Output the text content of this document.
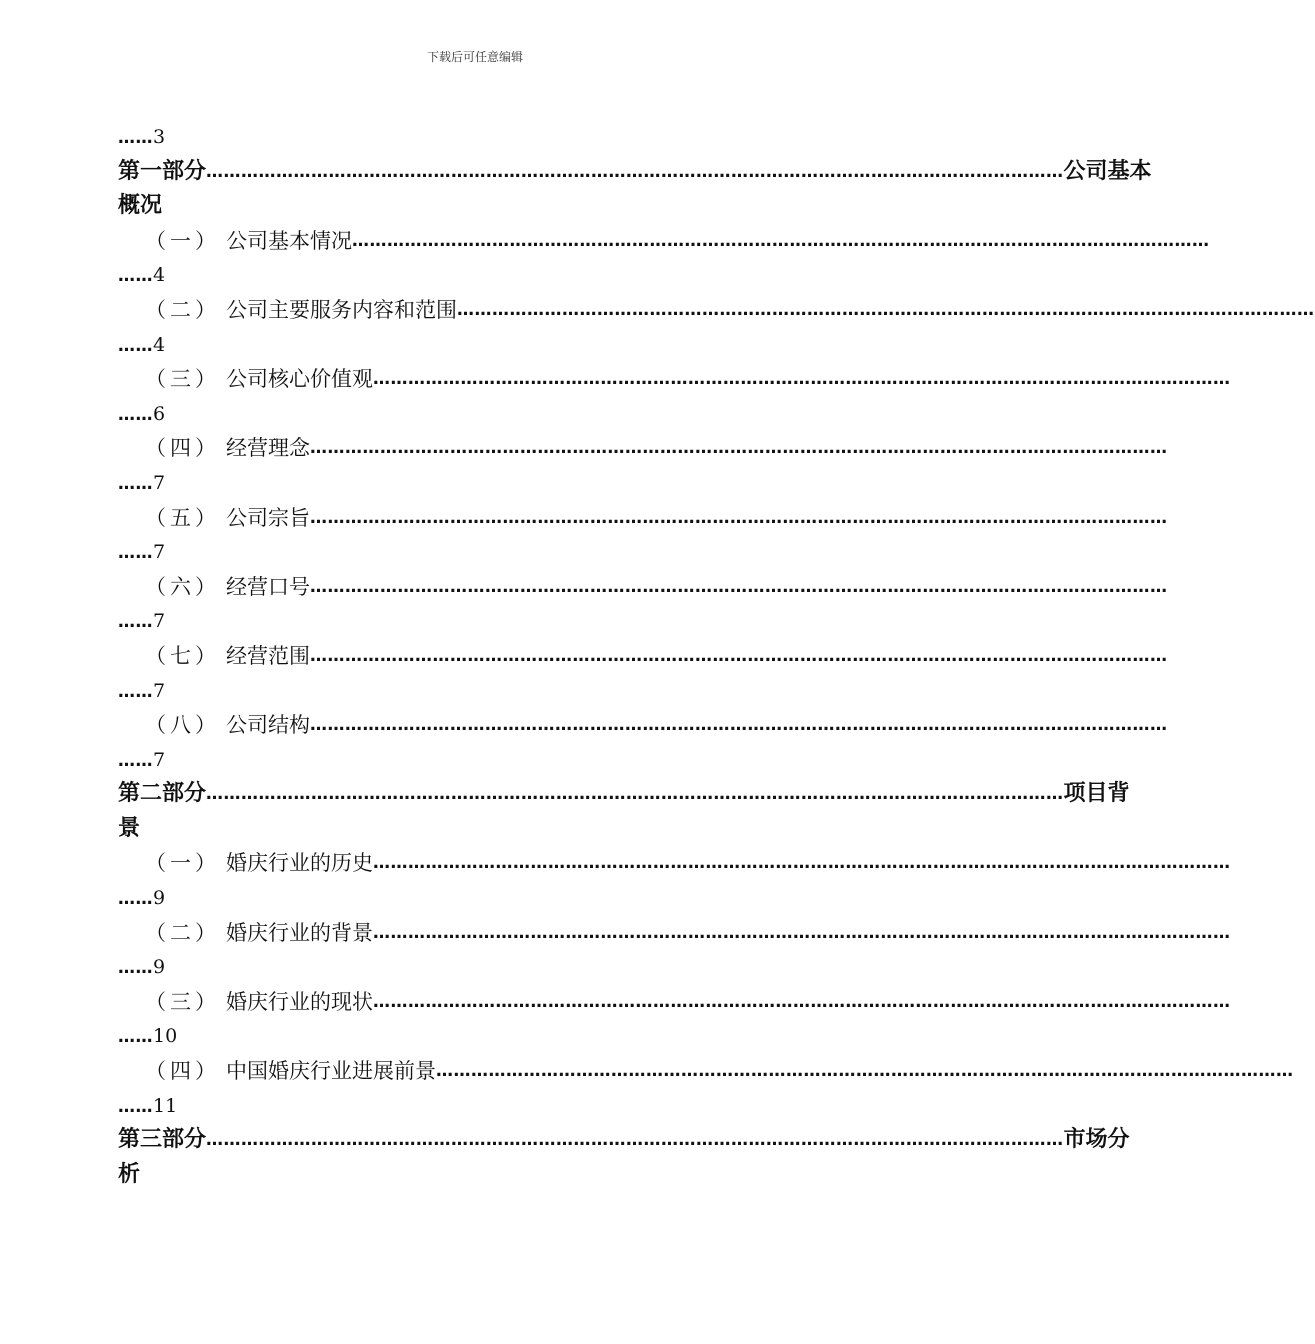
下载后可任意编辑
……3
第一部分 ………………………………………………………………………………………………………………………………… 公司基本
概况
（一） 公司基本情况 …………………………………………………………………………………………………………………………………
……4
（二） 公司主要服务内容和范围 …………………………………………………………………………………………………………………………………
……4
（三） 公司核心价值观 …………………………………………………………………………………………………………………………………
……6
（四） 经营理念 …………………………………………………………………………………………………………………………………
……7
（五） 公司宗旨 …………………………………………………………………………………………………………………………………
……7
（六） 经营口号 …………………………………………………………………………………………………………………………………
……7
（七） 经营范围 …………………………………………………………………………………………………………………………………
……7
（八） 公司结构 …………………………………………………………………………………………………………………………………
……7
第二部分 ………………………………………………………………………………………………………………………………… 项目背
景
（一） 婚庆行业的历史 …………………………………………………………………………………………………………………………………
……9
（二） 婚庆行业的背景 …………………………………………………………………………………………………………………………………
……9
（三） 婚庆行业的现状 …………………………………………………………………………………………………………………………………
……10
（四） 中国婚庆行业进展前景 …………………………………………………………………………………………………………………………………
……11
第三部分 ………………………………………………………………………………………………………………………………… 市场分
析
